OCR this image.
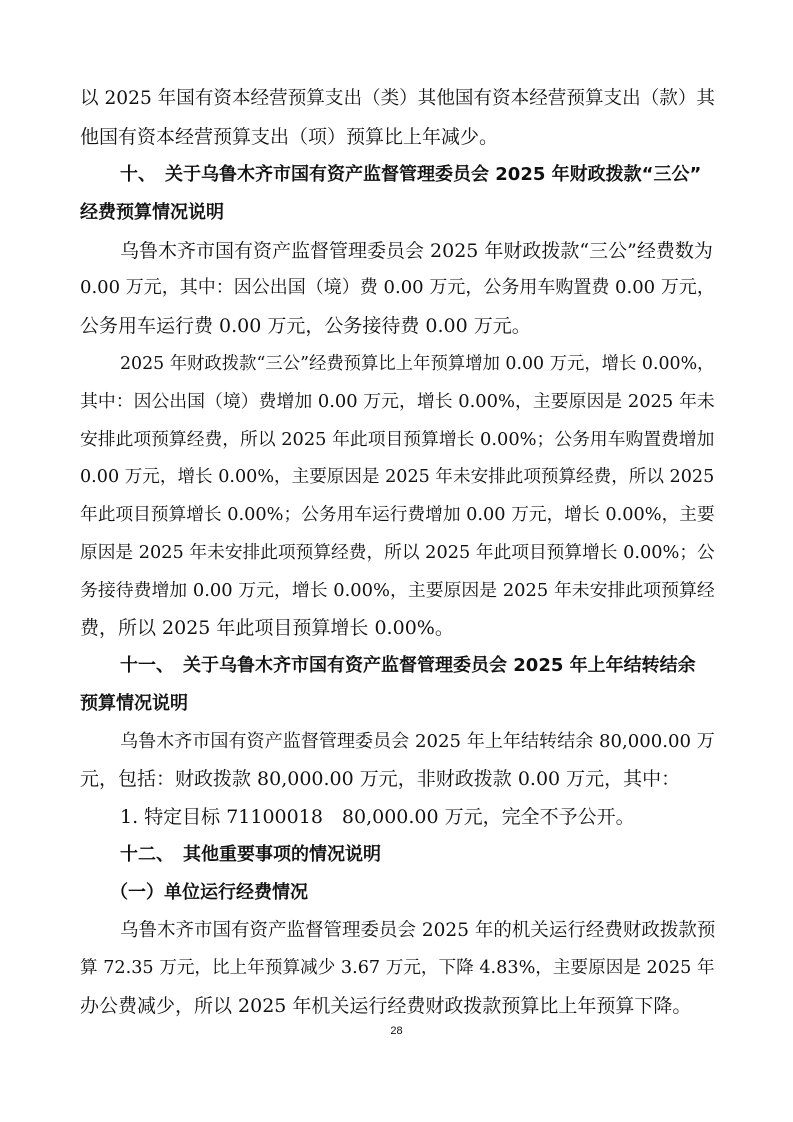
以 2025 年国有资本经营预算支出（类）其他国有资本经营预算支出（款）其
他国有资本经营预算支出（项）预算比上年减少。
十、　关于乌鲁木齐市国有资产监督管理委员会 2025 年财政拨款“三公”
经费预算情况说明
乌鲁木齐市国有资产监督管理委员会 2025 年财政拨款“三公”经费数为
0.00 万元，其中：因公出国（境）费 0.00 万元，公务用车购置费 0.00 万元，
公务用车运行费 0.00 万元，公务接待费 0.00 万元。
2025 年财政拨款“三公”经费预算比上年预算增加 0.00 万元，增长 0.00%，
其中：因公出国（境）费增加 0.00 万元，增长 0.00%，主要原因是 2025 年未
安排此项预算经费，所以 2025 年此项目预算增长 0.00%；公务用车购置费增加
0.00 万元，增长 0.00%，主要原因是 2025 年未安排此项预算经费，所以 2025
年此项目预算增长 0.00%；公务用车运行费增加 0.00 万元，增长 0.00%，主要
原因是 2025 年未安排此项预算经费，所以 2025 年此项目预算增长 0.00%；公
务接待费增加 0.00 万元，增长 0.00%，主要原因是 2025 年未安排此项预算经
费，所以 2025 年此项目预算增长 0.00%。
十一、　关于乌鲁木齐市国有资产监督管理委员会 2025 年上年结转结余
预算情况说明
乌鲁木齐市国有资产监督管理委员会 2025 年上年结转结余 80,000.00 万
元，包括：财政拨款 80,000.00 万元，非财政拨款 0.00 万元，其中：
1. 特定目标 71100018　80,000.00 万元，完全不予公开。
十二、　其他重要事项的情况说明
（一）单位运行经费情况
乌鲁木齐市国有资产监督管理委员会 2025 年的机关运行经费财政拨款预
算 72.35 万元，比上年预算减少 3.67 万元，下降 4.83%，主要原因是 2025 年
办公费减少，所以 2025 年机关运行经费财政拨款预算比上年预算下降。
28
